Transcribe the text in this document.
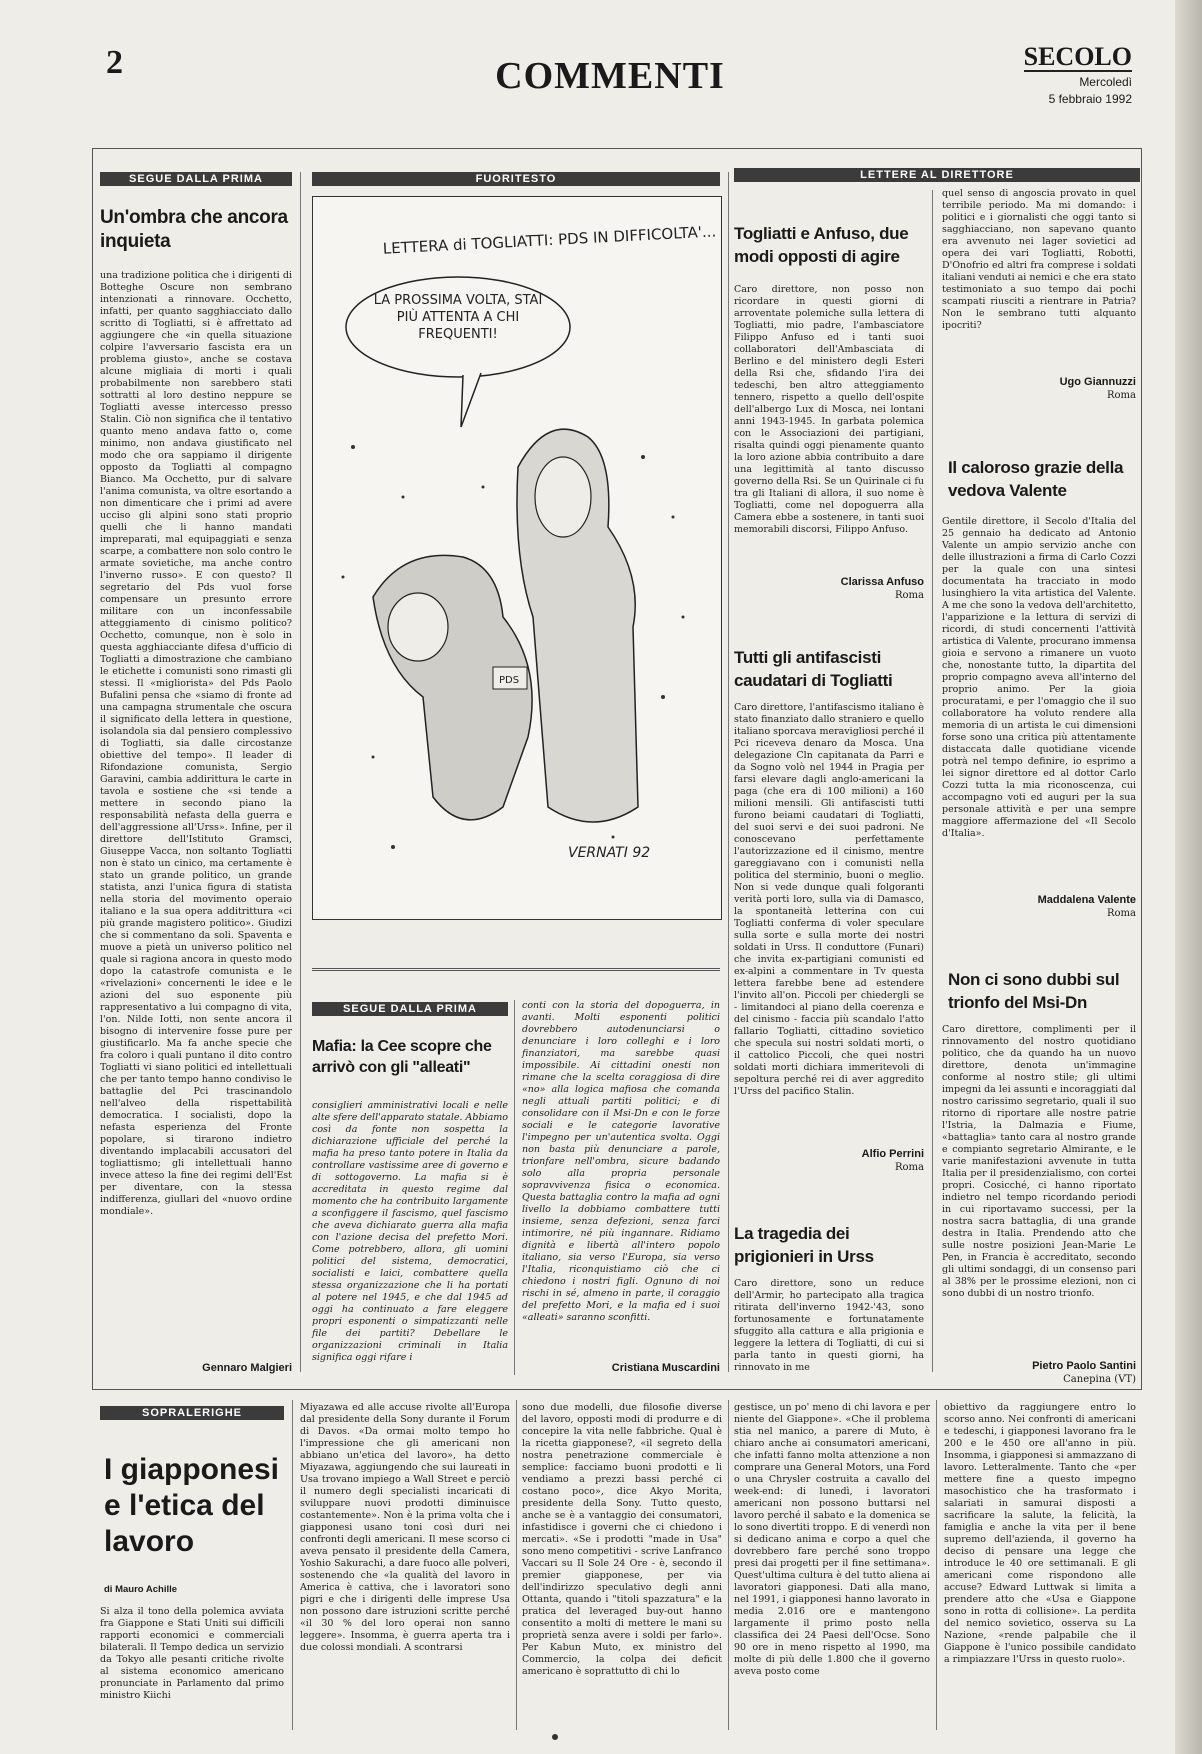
2	COMMENTI	SECOLO
Mercoledì
5 febbraio 1992
SEGUE DALLA PRIMA
Un'ombra che ancora inquieta
una tradizione politica che i dirigenti di Botteghe Oscure non sembrano intenzionati a rinnovare. Occhetto, infatti, per quanto sagghiacciato dallo scritto di Togliatti, si è affrettato ad aggiungere che «in quella situazione colpire l'avversario fascista era un problema giusto», anche se costava alcune migliaia di morti i quali probabilmente non sarebbero stati sottratti al loro destino neppure se Togliatti avesse intercesso presso Stalin. Ciò non significa che il tentativo quanto meno andava fatto o, come minimo, non andava giustificato nel modo che ora sappiamo il dirigente opposto da Togliatti al compagno Bianco. Ma Occhetto, pur di salvare l'anima comunista, va oltre esortando a non dimenticare che i primi ad avere ucciso gli alpini sono stati proprio quelli che li hanno mandati impreparati, mal equipaggiati e senza scarpe, a combattere non solo contro le armate sovietiche, ma anche contro l'inverno russo». E con questo? Il segretario del Pds vuol forse compensare un presunto errore militare con un inconfessabile atteggiamento di cinismo politico? Occhetto, comunque, non è solo in questa agghiacciante difesa d'ufficio di Togliatti a dimostrazione che cambiano le etichette i comunisti sono rimasti gli stessi. Il «migliorista» del Pds Paolo Bufalini pensa che «siamo di fronte ad una campagna strumentale che oscura il significato della lettera in questione, isolandola sia dal pensiero complessivo di Togliatti, sia dalle circostanze obiettive del tempo». Il leader di Rifondazione comunista, Sergio Garavini, cambia addirittura le carte in tavola e sostiene che «si tende a mettere in secondo piano la responsabilità nefasta della guerra e dell'aggressione all'Urss». Infine, per il direttore dell'Istituto Gramsci, Giuseppe Vacca, non soltanto Togliatti non è stato un cinico, ma certamente è stato un grande politico, un grande statista, anzi l'unica figura di statista nella storia del movimento operaio italiano e la sua opera additrittura «ci più grande magistero politico». Giudizi che si commentano da soli. Spaventa e muove a pietà un universo politico nel quale si ragiona ancora in questo modo dopo la catastrofe comunista e le «rivelazioni» concernenti le idee e le azioni del suo esponente più rappresentativo a lui compagno di vita, l'on. Nilde Iotti, non sente ancora il bisogno di intervenire fosse pure per giustificarlo. Ma fa anche specie che fra coloro i quali puntano il dito contro Togliatti vi siano politici ed intellettuali che per tanto tempo hanno condiviso le battaglie del Pci trascinandolo nell'alveo della rispettabilità democratica. I socialisti, dopo la nefasta esperienza del Fronte popolare, si tirarono indietro diventando implacabili accusatori del togliattismo; gli intellettuali hanno invece atteso la fine dei regimi dell'Est per diventare, con la stessa indifferenza, giullari del «nuovo ordine mondiale».
Gennaro Malgieri
FUORITESTO
LETTERA di TOGLIATTI: PDS IN DIFFICOLTA'...
LA PROSSIMA VOLTA, STAI PIÙ ATTENTA A CHI FREQUENTI!
PDS
VERNATI 92
SEGUE DALLA PRIMA
Mafia: la Cee scopre che arrivò con gli "alleati"
consiglieri amministrativi locali e nelle alte sfere dell'apparato statale. Abbiamo così da fonte non sospetta la dichiarazione ufficiale del perché la mafia ha preso tanto potere in Italia da controllare vastissime aree di governo e di sottogoverno. La mafia si è accreditata in questo regime dal momento che ha contribuito largamente a sconfiggere il fascismo, quel fascismo che aveva dichiarato guerra alla mafia con l'azione decisa del prefetto Mori. Come potrebbero, allora, gli uomini politici del sistema, democratici, socialisti e laici, combattere quella stessa organizzazione che li ha portati al potere nel 1945, e che dal 1945 ad oggi ha continuato a fare eleggere propri esponenti o simpatizzanti nelle file dei partiti? Debellare le organizzazioni criminali in Italia significa oggi rifare i
conti con la storia del dopoguerra, in avanti. Molti esponenti politici dovrebbero autodenunciarsi o denunciare i loro colleghi e i loro finanziatori, ma sarebbe quasi impossibile. Ai cittadini onesti non rimane che la scelta coraggiosa di dire «no» alla logica mafiosa che comanda negli attuali partiti politici; e di consolidare con il Msi-Dn e con le forze sociali e le categorie lavorative l'impegno per un'autentica svolta. Oggi non basta più denunciare a parole, trionfare nell'ombra, sicure badando solo alla propria personale sopravvivenza fisica o economica. Questa battaglia contro la mafia ad ogni livello la dobbiamo combattere tutti insieme, senza defezioni, senza farci intimorire, né più ingannare. Ridiamo dignità e libertà all'intero popolo italiano, sia verso l'Europa, sia verso l'Italia, riconquistiamo ciò che ci chiedono i nostri figli. Ognuno di noi rischi in sé, almeno in parte, il coraggio del prefetto Mori, e la mafia ed i suoi «alleati» saranno sconfitti.
Cristiana Muscardini
LETTERE AL DIRETTORE
Togliatti e Anfuso, due modi opposti di agire
Caro direttore, non posso non ricordare in questi giorni di arroventate polemiche sulla lettera di Togliatti, mio padre, l'ambasciatore Filippo Anfuso ed i tanti suoi collaboratori dell'Ambasciata di Berlino e del ministero degli Esteri della Rsi che, sfidando l'ira dei tedeschi, ben altro atteggiamento tennero, rispetto a quello dell'ospite dell'albergo Lux di Mosca, nei lontani anni 1943-1945. In garbata polemica con le Associazioni dei partigiani, risalta quindi oggi pienamente quanto la loro azione abbia contribuito a dare una legittimità al tanto discusso governo della Rsi. Se un Quirinale ci fu tra gli Italiani di allora, il suo nome è Togliatti, come nel dopoguerra alla Camera ebbe a sostenere, in tanti suoi memorabili discorsi, Filippo Anfuso.
Clarissa Anfuso
Roma
Tutti gli antifascisti caudatari di Togliatti
Caro direttore, l'antifascismo italiano è stato finanziato dallo straniero e quello italiano sporcava meravigliosi perché il Pci riceveva denaro da Mosca. Una delegazione Cln capitanata da Parri e da Sogno volò nel 1944 in Pragia per farsi elevare dagli anglo-americani la paga (che era di 100 milioni) a 160 milioni mensili. Gli antifascisti tutti furono beiami caudatari di Togliatti, del suoi servi e dei suoi padroni. Ne conoscevano perfettamente l'autorizzazione ed il cinismo, mentre gareggiavano con i comunisti nella politica del sterminio, buoni o meglio. Non si vede dunque quali folgoranti verità porti loro, sulla via di Damasco, la spontaneità letterina con cui Togliatti conferma di voler speculare sulla sorte e sulla morte dei nostri soldati in Urss. Il conduttore (Funari) che invita ex-partigiani comunisti ed ex-alpini a commentare in Tv questa lettera farebbe bene ad estendere l'invito all'on. Piccoli per chiedergli se - limitandoci al piano della coerenza e del cinismo - faccia più scandalo l'atto fallario Togliatti, cittadino sovietico che specula sui nostri soldati morti, o il cattolico Piccoli, che quei nostri soldati morti dichiara immeritevoli di sepoltura perché rei di aver aggredito l'Urss del pacifico Stalin.
Alfio Perrini
Roma
La tragedia dei prigionieri in Urss
Caro direttore, sono un reduce dell'Armir, ho partecipato alla tragica ritirata dell'inverno 1942-'43, sono fortunosamente e fortunatamente sfuggito alla cattura e alla prigionia e leggere la lettera di Togliatti, di cui si parla tanto in questi giorni, ha rinnovato in me
quel senso di angoscia provato in quel terribile periodo. Ma mi domando: i politici e i giornalisti che oggi tanto si sagghiacciano, non sapevano quanto era avvenuto nei lager sovietici ad opera dei vari Togliatti, Robotti, D'Onofrio ed altri fra comprese i soldati italiani venduti ai nemici e che era stato testimoniato a suo tempo dai pochi scampati riusciti a rientrare in Patria? Non le sembrano tutti alquanto ipocriti?
Ugo Giannuzzi
Roma
Il caloroso grazie della vedova Valente
Gentile direttore, il Secolo d'Italia del 25 gennaio ha dedicato ad Antonio Valente un ampio servizio anche con delle illustrazioni a firma di Carlo Cozzi per la quale con una sintesi documentata ha tracciato in modo lusinghiero la vita artistica del Valente. A me che sono la vedova dell'architetto, l'apparizione e la lettura di servizi di ricordi, di studi concernenti l'attività artistica di Valente, procurano immensa gioia e servono a rimanere un vuoto che, nonostante tutto, la dipartita del proprio compagno aveva all'interno del proprio animo. Per la gioia procuratami, e per l'omaggio che il suo collaboratore ha voluto rendere alla memoria di un artista le cui dimensioni forse sono una critica più attentamente distaccata dalle quotidiane vicende potrà nel tempo definire, io esprimo a lei signor direttore ed al dottor Carlo Cozzi tutta la mia riconoscenza, cui accompagno voti ed auguri per la sua personale attività e per una sempre maggiore affermazione del «Il Secolo d'Italia».
Maddalena Valente
Roma
Non ci sono dubbi sul trionfo del Msi-Dn
Caro direttore, complimenti per il rinnovamento del nostro quotidiano politico, che da quando ha un nuovo direttore, denota un'immagine conforme al nostro stile; gli ultimi impegni da lei assunti e incoraggiati dal nostro carissimo segretario, quali il suo ritorno di riportare alle nostre patrie l'Istria, la Dalmazia e Fiume, «battaglia» tanto cara al nostro grande e compianto segretario Almirante, e le varie manifestazioni avvenute in tutta Italia per il presidenzialismo, con cortei propri. Cosicché, ci hanno riportato indietro nel tempo ricordando periodi in cui riportavamo successi, per la nostra sacra battaglia, di una grande destra in Italia. Prendendo atto che sulle nostre posizioni Jean-Marie Le Pen, in Francia è accreditato, secondo gli ultimi sondaggi, di un consenso pari al 38% per le prossime elezioni, non ci sono dubbi di un nostro trionfo.
Pietro Paolo Santini
Canepina (VT)
SOPRALERIGHE
I giapponesi e l'etica del lavoro
di Mauro Achille
Si alza il tono della polemica avviata fra Giappone e Stati Uniti sui difficili rapporti economici e commerciali bilaterali. Il Tempo dedica un servizio da Tokyo alle pesanti critiche rivolte al sistema economico americano pronunciate in Parlamento dal primo ministro Kiichi
Miyazawa ed alle accuse rivolte all'Europa dal presidente della Sony durante il Forum di Davos. «Da ormai molto tempo ho l'impressione che gli americani non abbiano un'etica del lavoro», ha detto Miyazawa, aggiungendo che sui laureati in Usa trovano impiego a Wall Street e perciò il numero degli specialisti incaricati di sviluppare nuovi prodotti diminuisce costantemente». Non è la prima volta che i giapponesi usano toni così duri nei confronti degli americani. Il mese scorso ci aveva pensato il presidente della Camera, Yoshio Sakurachi, a dare fuoco alle polveri, sostenendo che «la qualità del lavoro in America è cattiva, che i lavoratori sono pigri e che i dirigenti delle imprese Usa non possono dare istruzioni scritte perché «il 30 % del loro operai non sanno leggere». Insomma, è guerra aperta tra i due colossi mondiali. A scontrarsi
sono due modelli, due filosofie diverse del lavoro, opposti modi di produrre e di concepire la vita nelle fabbriche. Qual è la ricetta giapponese?, «il segreto della nostra penetrazione commerciale è semplice: facciamo buoni prodotti e li vendiamo a prezzi bassi perché ci costano poco», dice Akyo Morita, presidente della Sony. Tutto questo, anche se è a vantaggio dei consumatori, infastidisce i governi che ci chiedono i mercati». «Se i prodotti "made in Usa" sono meno competitivi - scrive Lanfranco Vaccari su Il Sole 24 Ore - è, secondo il premier giapponese, per via dell'indirizzo speculativo degli anni Ottanta, quando i "titoli spazzatura" e la pratica del leveraged buy-out hanno consentito a molti di mettere le mani su proprietà senza avere i soldi per farlo». Per Kabun Muto, ex ministro del Commercio, la colpa dei deficit americano è soprattutto di chi lo
gestisce, un po' meno di chi lavora e per niente del Giappone». «Che il problema stia nel manico, a parere di Muto, è chiaro anche ai consumatori americani, che infatti fanno molta attenzione a non comprare una General Motors, una Ford o una Chrysler costruita a cavallo del week-end: di lunedì, i lavoratori americani non possono buttarsi nel lavoro perché il sabato e la domenica se lo sono divertiti troppo. E di venerdì non si dedicano anima e corpo a quel che dovrebbero fare perché sono troppo presi dai progetti per il fine settimana». Quest'ultima cultura è del tutto aliena ai lavoratori giapponesi. Dati alla mano, nel 1991, i giapponesi hanno lavorato in media 2.016 ore e mantengono largamente il primo posto nella classifica dei 24 Paesi dell'Ocse. Sono 90 ore in meno rispetto al 1990, ma molte di più delle 1.800 che il governo aveva posto come
obiettivo da raggiungere entro lo scorso anno. Nei confronti di americani e tedeschi, i giapponesi lavorano fra le 200 e le 450 ore all'anno in più. Insomma, i giapponesi si ammazzano di lavoro. Letteralmente. Tanto che «per mettere fine a questo impegno masochistico che ha trasformato i salariati in samurai disposti a sacrificare la salute, la felicità, la famiglia e anche la vita per il bene supremo dell'azienda, il governo ha deciso di pensare una legge che introduce le 40 ore settimanali. E gli americani come rispondono alle accuse? Edward Luttwak si limita a prendere atto che «Usa e Giappone sono in rotta di collisione». La perdita del nemico sovietico, osserva su La Nazione, «rende palpabile che il Giappone è l'unico possibile candidato a rimpiazzare l'Urss in questo ruolo».
